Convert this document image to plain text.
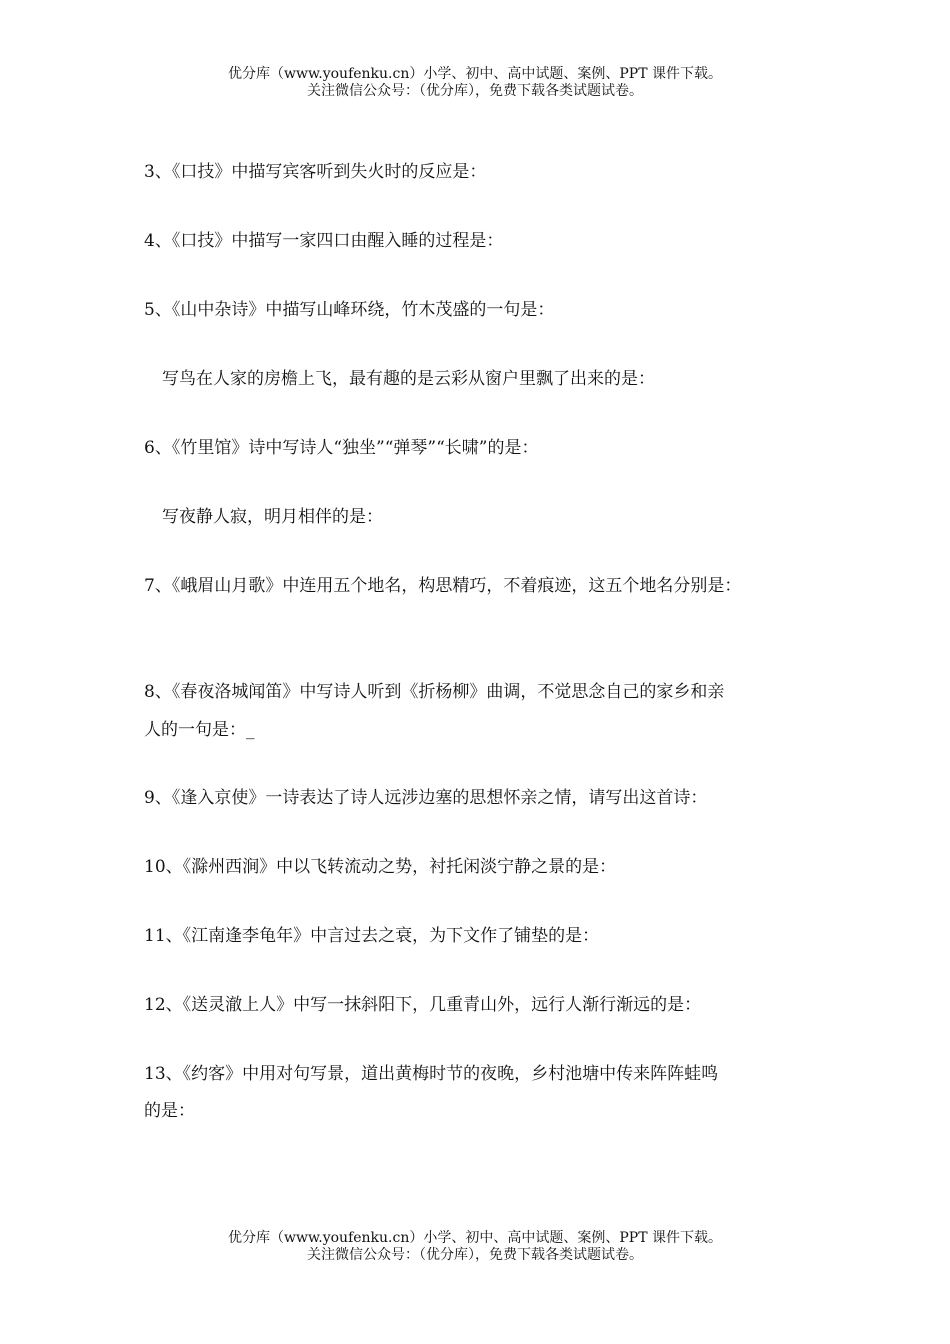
优分库（www.youfenku.cn）小学、初中、高中试题、案例、PPT 课件下载。
关注微信公众号：（优分库），免费下载各类试题试卷。
3、《口技》中描写宾客听到失火时的反应是：
4、《口技》中描写一家四口由醒入睡的过程是：
5、《山中杂诗》中描写山峰环绕，竹木茂盛的一句是：
写鸟在人家的房檐上飞，最有趣的是云彩从窗户里飘了出来的是：
6、《竹里馆》诗中写诗人“独坐”“弹琴”“长啸”的是：
写夜静人寂，明月相伴的是：
7、《峨眉山月歌》中连用五个地名，构思精巧，不着痕迹，这五个地名分别是：
8、《春夜洛城闻笛》中写诗人听到《折杨柳》曲调，不觉思念自己的家乡和亲
人的一句是：_
9、《逢入京使》一诗表达了诗人远涉边塞的思想怀亲之情，请写出这首诗：
10、《滁州西涧》中以飞转流动之势，衬托闲淡宁静之景的是：
11、《江南逢李龟年》中言过去之衰，为下文作了铺垫的是：
12、《送灵澈上人》中写一抹斜阳下，几重青山外，远行人渐行渐远的是：
13、《约客》中用对句写景，道出黄梅时节的夜晚，乡村池塘中传来阵阵蛙鸣
的是：
优分库（www.youfenku.cn）小学、初中、高中试题、案例、PPT 课件下载。
关注微信公众号：（优分库），免费下载各类试题试卷。
